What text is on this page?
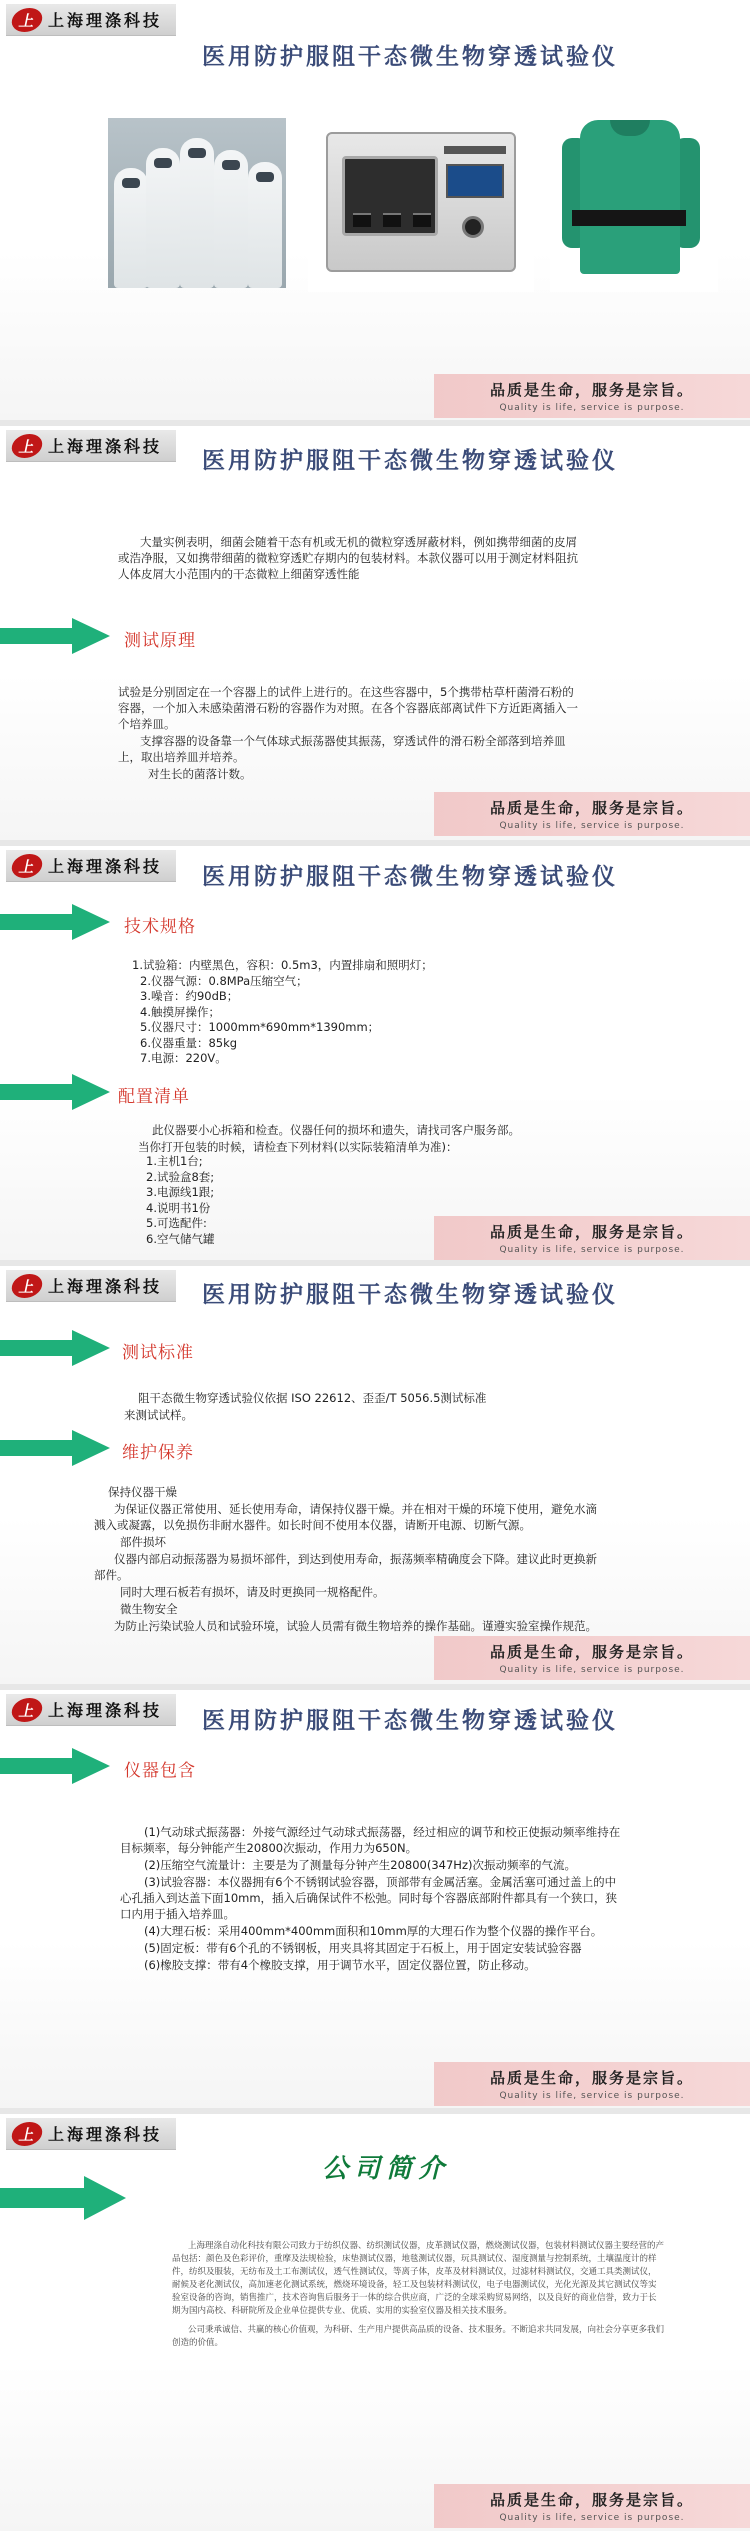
上 上海理涤科技
医用防护服阻干态微生物穿透试验仪
品质是生命，服务是宗旨。
Quality is life, service is purpose.
上 上海理涤科技
医用防护服阻干态微生物穿透试验仪
大量实例表明，细菌会随着干态有机或无机的微粒穿透屏蔽材料，例如携带细菌的皮屑或浩净服，又如携带细菌的微粒穿透贮存期内的包装材料。本款仪器可以用于测定材料阻抗人体皮屑大小范围内的干态微粒上细菌穿透性能
测试原理

试验是分别固定在一个容器上的试件上进行的。在这些容器中，5个携带枯草杆菌滑石粉的容器，一个加入未感染菌滑石粉的容器作为对照。在各个容器底部离试件下方近距离插入一个培养皿。

支撑容器的设备靠一个气体球式振荡器使其振荡，穿透试件的滑石粉全部落到培养皿上，取出培养皿并培养。

对生长的菌落计数。

品质是生命，服务是宗旨。
Quality is life, service is purpose.
上 上海理涤科技	医用防护服阻干态微生物穿透试验仪
技术规格
1.试验箱：内壁黑色，容积：0.5m3，内置排扇和照明灯；
2.仪器气源：0.8MPa压缩空气；
3.噪音：约90dB；
4.触摸屏操作；
5.仪器尺寸：1000mm*690mm*1390mm；
6.仪器重量：85kg
7.电源：220V。
配置清单

此仪器要小心拆箱和检查。仪器任何的损坏和遗失，请找司客户服务部。

当你打开包装的时候，请检查下列材料(以实际装箱清单为准)：

1.主机1台;
2.试验盒8套;
3.电源线1跟;
4.说明书1份
5.可选配件:
6.空气储气罐	品质是生命，服务是宗旨。
Quality is life, service is purpose.
上 上海理涤科技	医用防护服阻干态微生物穿透试验仪
测试标准

阻干态微生物穿透试验仪依据 ISO 22612、歪歪/T 5056.5测试标准

来测试试样。

维护保养

保持仪器干燥

为保证仪器正常使用、延长使用寿命，请保持仪器干燥。并在相对干燥的环境下使用，避免水滴溅入或凝露，以免损伤非耐水器件。如长时间不使用本仪器，请断开电源、切断气源。

部件损坏

仪器内部启动振荡器为易损坏部件，到达到使用寿命，振荡频率精确度会下降。建议此时更换新部件。

同时大理石板若有损坏，请及时更换同一规格配件。

微生物安全

为防止污染试验人员和试验环境，试验人员需有微生物培养的操作基础。谨遵实验室操作规范。

品质是生命，服务是宗旨。
Quality is life, service is purpose.
上 上海理涤科技	医用防护服阻干态微生物穿透试验仪
仪器包含

(1)气动球式振荡器：外接气源经过气动球式振荡器，经过相应的调节和校正使振动频率维持在目标频率，每分钟能产生20800次振动，作用力为650N。

(2)压缩空气流量计：主要是为了测量每分钟产生20800(347Hz)次振动频率的气流。

(3)试验容器：本仪器拥有6个不锈钢试验容器，顶部带有金属活塞。金属活塞可通过盖上的中心孔插入到达盖下面10mm，插入后确保试件不松弛。同时每个容器底部附件都具有一个狭口，狭口内用于插入培养皿。

(4)大理石板：采用400mm*400mm面积和10mm厚的大理石作为整个仪器的操作平台。

(5)固定板：带有6个孔的不锈钢板，用夹具将其固定于石板上，用于固定安装试验容器

(6)橡胶支撑：带有4个橡胶支撑，用于调节水平，固定仪器位置，防止移动。

品质是生命，服务是宗旨。
Quality is life, service is purpose.
上 上海理涤科技
公司简介

上海理涤自动化科技有限公司致力于纺织仪器、纺织测试仪器，皮革测试仪器，燃烧测试仪器，包装材料测试仪器主要经营的产品包括：颜色及色彩评价，重摩及法规检验，床垫测试仪器，地毯测试仪器，玩具测试仪、湿度测量与控制系统，土壤温度计的样件，纺织及服装，无纺布及土工布测试仪，透气性测试仪，等离子体，皮革及材料测试仪，过滤材料测试仪，交通工具类测试仪，耐候及老化测试仪，高加速老化测试系统，燃烧环境设备，轻工及包装材料测试仪，电子电器测试仪，光化光源及其它测试仪等实验室设备的咨询，销售推广，技术咨询售后服务于一体的综合供应商，广泛的全球采购贸易网络，以及良好的商业信誉，致力于长期为国内高校、科研院所及企业单位提供专业、优质、实用的实验室仪器及相关技术服务。

公司秉承诚信、共赢的核心价值观，为科研、生产用户提供高品质的设备、技术服务。不断追求共同发展，向社会分享更多我们创造的价值。

品质是生命，服务是宗旨。
Quality is life, service is purpose.
